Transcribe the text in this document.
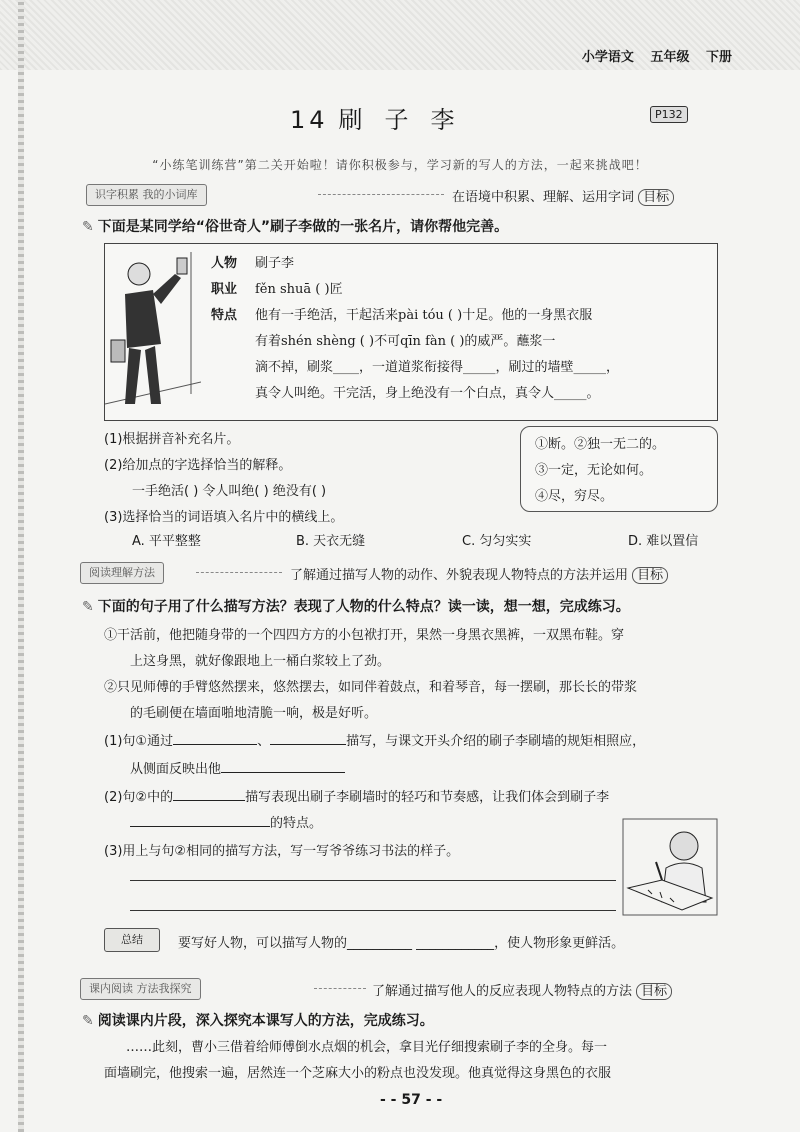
小学语文 五年级 下册
14 刷子李	P132
“小练笔训练营”第二关开始啦！请你积极参与，学习新的写人的方法，一起来挑战吧！
识字积累 我的小词库	在语境中积累、理解、运用字词 目标
✎ 下面是某同学给“俗世奇人”刷子李做的一张名片，请你帮他完善。
人物 刷子李
职业 fěn shuā ( )匠
特点 他有一手绝活，干起活来pài tóu ( )十足。他的一身黑衣服
有着shén shèng ( )不可qīn fàn ( )的威严。蘸浆一
滴不掉，刷浆____，一道道浆衔接得_____，刷过的墙壁_____，
真令人叫绝。干完活，身上绝没有一个白点，真令人_____。
(1)根据拼音补充名片。
(2)给加点的字选择恰当的解释。
一手绝活( ) 令人叫绝( ) 绝没有( )
①断。②独一无二的。
③一定，无论如何。
④尽，穷尽。
(3)选择恰当的词语填入名片中的横线上。
A. 平平整整	B. 天衣无缝	C. 匀匀实实	D. 难以置信
阅读理解方法	了解通过描写人物的动作、外貌表现人物特点的方法并运用 目标
✎ 下面的句子用了什么描写方法？表现了人物的什么特点？读一读，想一想，完成练习。
①干活前，他把随身带的一个四四方方的小包袱打开，果然一身黑衣黑裤，一双黑布鞋。穿
上这身黑，就好像跟地上一桶白浆较上了劲。
②只见师傅的手臂悠然摆来，悠然摆去，如同伴着鼓点，和着琴音，每一摆刷，那长长的带浆
的毛刷便在墙面啪地清脆一响，极是好听。
(1)句①通过	、	描写，与课文开头介绍的刷子李刷墙的规矩相照应，
从侧面反映出他
(2)句②中的	描写表现出刷子李刷墙时的轻巧和节奏感，让我们体会到刷子李
的特点。
(3)用上与句②相同的描写方法，写一写爷爷练习书法的样子。
总结	要写好人物，可以描写人物的__________ ____________，使人物形象更鲜活。
课内阅读 方法我探究	了解通过描写他人的反应表现人物特点的方法 目标
✎ 阅读课内片段，深入探究本课写人的方法，完成练习。
……此刻，曹小三借着给师傅倒水点烟的机会，拿目光仔细搜索刷子李的全身。每一
面墙刷完，他搜索一遍，居然连一个芝麻大小的粉点也没发现。他真觉得这身黑色的衣服
- - 57 - -
